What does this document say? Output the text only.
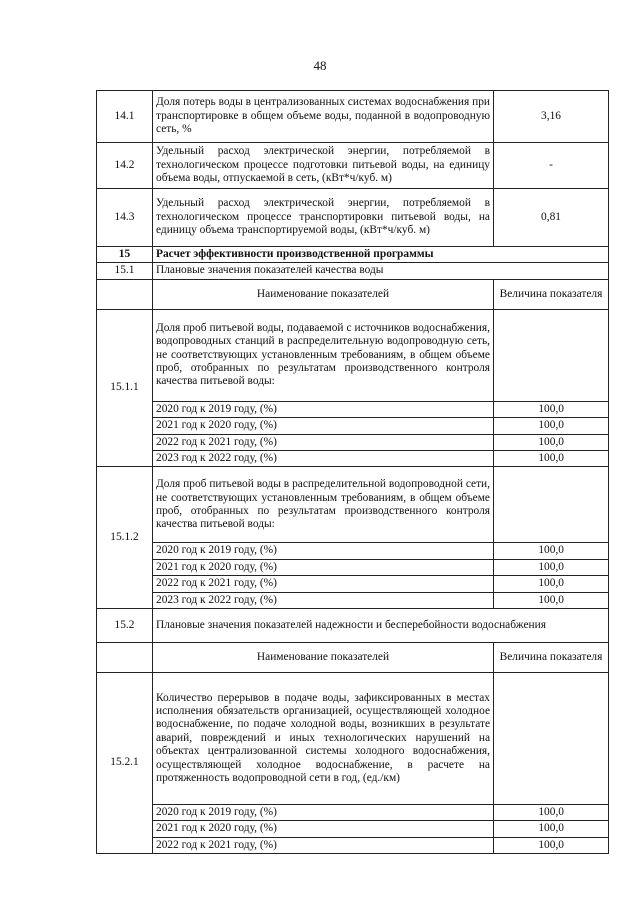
48
14.1	Доля потерь воды в централизованных системах водоснабжения при транспортировке в общем объеме воды, поданной в водопроводную сеть, %	3,16
14.2	Удельный расход электрической энергии, потребляемой в технологическом процессе подготовки питьевой воды, на единицу объема воды, отпускаемой в сеть, (кВт*ч/куб. м)	-
14.3	Удельный расход электрической энергии, потребляемой в технологическом процессе транспортировки питьевой воды, на единицу объема транспортируемой воды, (кВт*ч/куб. м)	0,81
15	Расчет эффективности производственной программы	
15.1	Плановые значения показателей качества воды	
	Наименование показателей	Величина показателя

15.1.1	Доля проб питьевой воды, подаваемой с источников водоснабжения, водопроводных станций в распределительную водопроводную сеть, не соответствующих установленным требованиям, в общем объеме проб, отобранных по результатам производственного контроля качества питьевой воды:	
	2020 год к 2019 году, (%)	100,0
	2021 год к 2020 году, (%)	100,0
	2022 год к 2021 году, (%)	100,0
	2023 год к 2022 году, (%)	100,0
15.1.2	Доля проб питьевой воды в распределительной водопроводной сети, не соответствующих установленным требованиям, в общем объеме проб, отобранных по результатам производственного контроля качества питьевой воды:	
	2020 год к 2019 году, (%)	100,0
	2021 год к 2020 году, (%)	100,0
	2022 год к 2021 году, (%)	100,0
	2023 год к 2022 году, (%)	100,0
15.2	Плановые значения показателей надежности и бесперебойности водоснабжения	
	Наименование показателей	Величина показателя
15.2.1	Количество перерывов в подаче воды, зафиксированных в местах исполнения обязательств организацией, осуществляющей холодное водоснабжение, по подаче холодной воды, возникших в результате аварий, повреждений и иных технологических нарушений на объектах централизованной системы холодного водоснабжения, осуществляющей холодное водоснабжение, в расчете на протяженность водопроводной сети в год, (ед./км)	
	2020 год к 2019 году, (%)	100,0
	2021 год к 2020 году, (%)	100,0
	2022 год к 2021 году, (%)	100,0
